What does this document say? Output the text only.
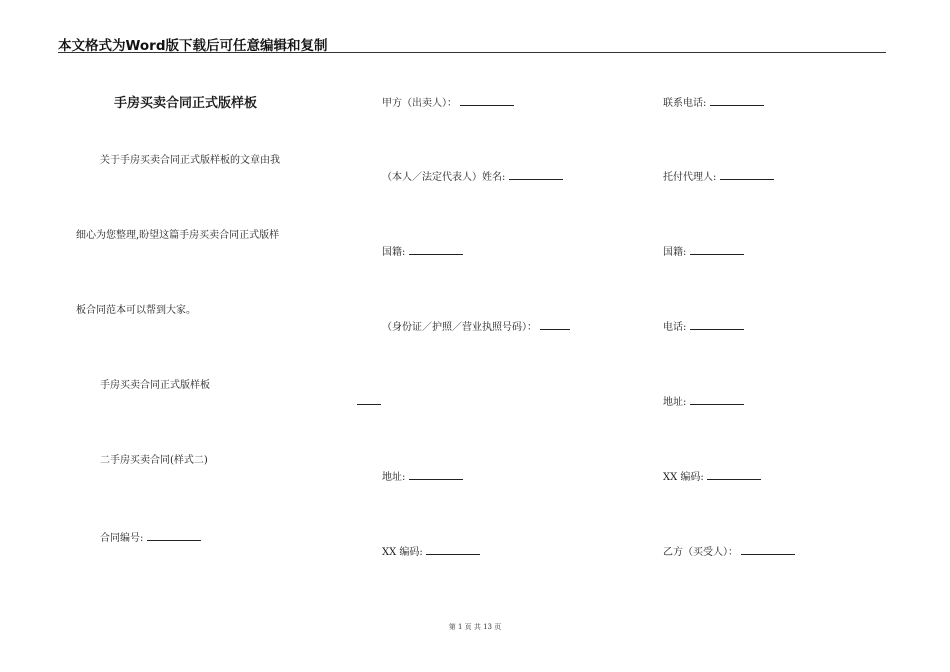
本文格式为Word版下载后可任意编辑和复制
手房买卖合同正式版样板
关于手房买卖合同正式版样板的文章由我
细心为您整理,盼望这篇手房买卖合同正式版样
板合同范本可以帮到大家。
手房买卖合同正式版样板
二手房买卖合同(样式二)
合同编号:
甲方（出卖人）：
（本人／法定代表人）姓名:
国籍:
（身份证／护照／营业执照号码）：
地址:
XX 编码:
联系电话:
托付代理人:
国籍:
电话:
地址:
XX 编码:
乙方（买受人）：
第 1 页 共 13 页
